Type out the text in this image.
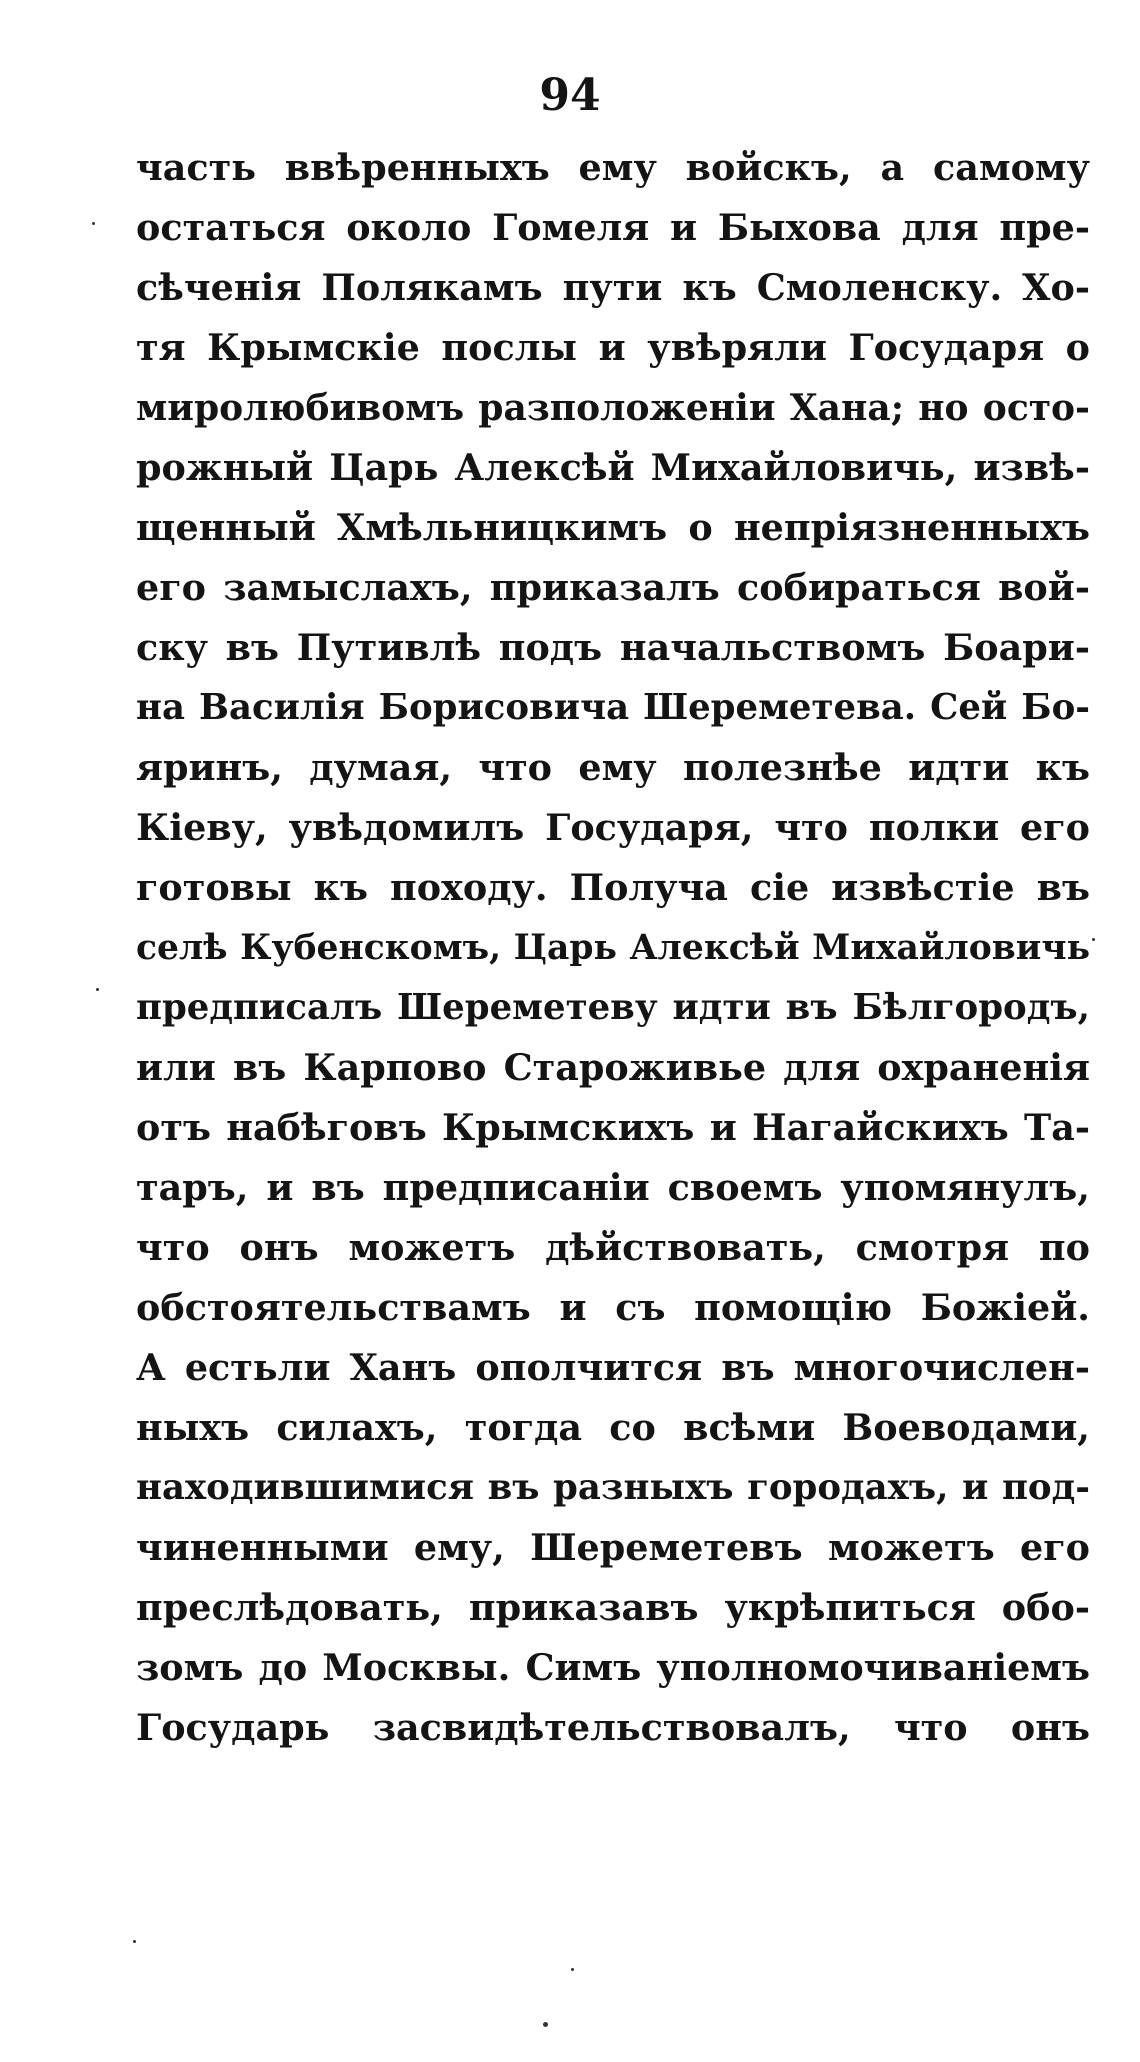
94
часть ввѣренныхъ ему войскъ, а самому
остаться около Гомеля и Быхова для пре-
сѣченія Полякамъ пути къ Смоленску. Хо-
тя Крымскіе послы и увѣряли Государя о
миролюбивомъ разположеніи Хана; но осто-
рожный Царь Алексѣй Михайловичь, извѣ-
щенный Хмѣльницкимъ о непріязненныхъ
его замыслахъ, приказалъ собираться вой-
ску въ Путивлѣ подъ начальствомъ Боари-
на Василія Борисовича Шереметева. Сей Бо-
яринъ, думая, что ему полезнѣе идти къ
Кіеву, увѣдомилъ Государя, что полки его
готовы къ походу. Получа сіе извѣстіе въ
селѣ Кубенскомъ, Царь Алексѣй Михайловичь
предписалъ Шереметеву идти въ Бѣлгородъ,
или въ Карпово Староживье для охраненія
отъ набѣговъ Крымскихъ и Нагайскихъ Та-
таръ, и въ предписаніи своемъ упомянулъ,
что онъ можетъ дѣйствовать, смотря по
обстоятельствамъ и съ помощію Божіей.
А естьли Ханъ ополчится въ многочислен-
ныхъ силахъ, тогда со всѣми Воеводами,
находившимися въ разныхъ городахъ, и под-
чиненными ему, Шереметевъ можетъ его
преслѣдовать, приказавъ укрѣпиться обо-
зомъ до Москвы. Симъ уполномочиваніемъ
Государь засвидѣтельствовалъ, что онъ
